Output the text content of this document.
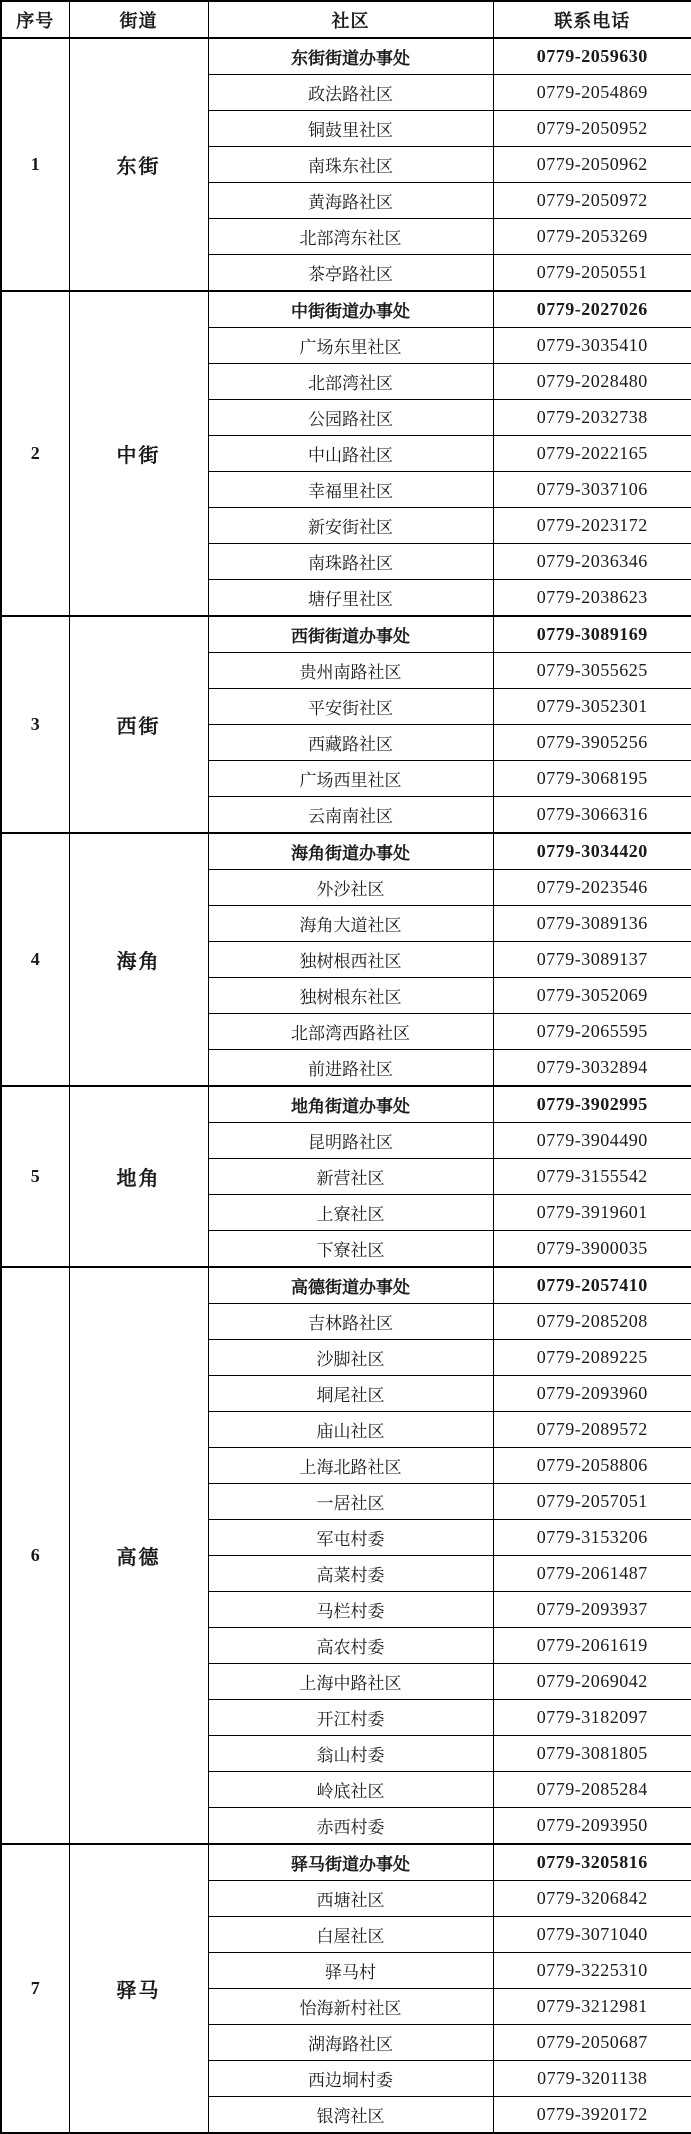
序号	街道	社区	联系电话
1	东街	东街街道办事处	0779-2059630
		政法路社区	0779-2054869
		铜鼓里社区	0779-2050952
		南珠东社区	0779-2050962
		黄海路社区	0779-2050972
		北部湾东社区	0779-2053269
		茶亭路社区	0779-2050551
2	中街	中街街道办事处	0779-2027026
		广场东里社区	0779-3035410
		北部湾社区	0779-2028480
		公园路社区	0779-2032738
		中山路社区	0779-2022165
		幸福里社区	0779-3037106
		新安街社区	0779-2023172
		南珠路社区	0779-2036346
		塘仔里社区	0779-2038623
3	西街	西街街道办事处	0779-3089169
		贵州南路社区	0779-3055625
		平安街社区	0779-3052301
		西藏路社区	0779-3905256
		广场西里社区	0779-3068195
		云南南社区	0779-3066316
4	海角	海角街道办事处	0779-3034420
		外沙社区	0779-2023546
		海角大道社区	0779-3089136
		独树根西社区	0779-3089137
		独树根东社区	0779-3052069
		北部湾西路社区	0779-2065595
		前进路社区	0779-3032894
5	地角	地角街道办事处	0779-3902995
		昆明路社区	0779-3904490
		新营社区	0779-3155542
		上寮社区	0779-3919601
		下寮社区	0779-3900035
6	高德	高德街道办事处	0779-2057410
		吉林路社区	0779-2085208
		沙脚社区	0779-2089225
		垌尾社区	0779-2093960
		庙山社区	0779-2089572
		上海北路社区	0779-2058806
		一居社区	0779-2057051
		军屯村委	0779-3153206
		高菜村委	0779-2061487
		马栏村委	0779-2093937
		高农村委	0779-2061619
		上海中路社区	0779-2069042
		开江村委	0779-3182097
		翁山村委	0779-3081805
		岭底社区	0779-2085284
		赤西村委	0779-2093950
7	驿马	驿马街道办事处	0779-3205816
		西塘社区	0779-3206842
		白屋社区	0779-3071040
		驿马村	0779-3225310
		怡海新村社区	0779-3212981
		湖海路社区	0779-2050687
		西边垌村委	0779-3201138
		银湾社区	0779-3920172
